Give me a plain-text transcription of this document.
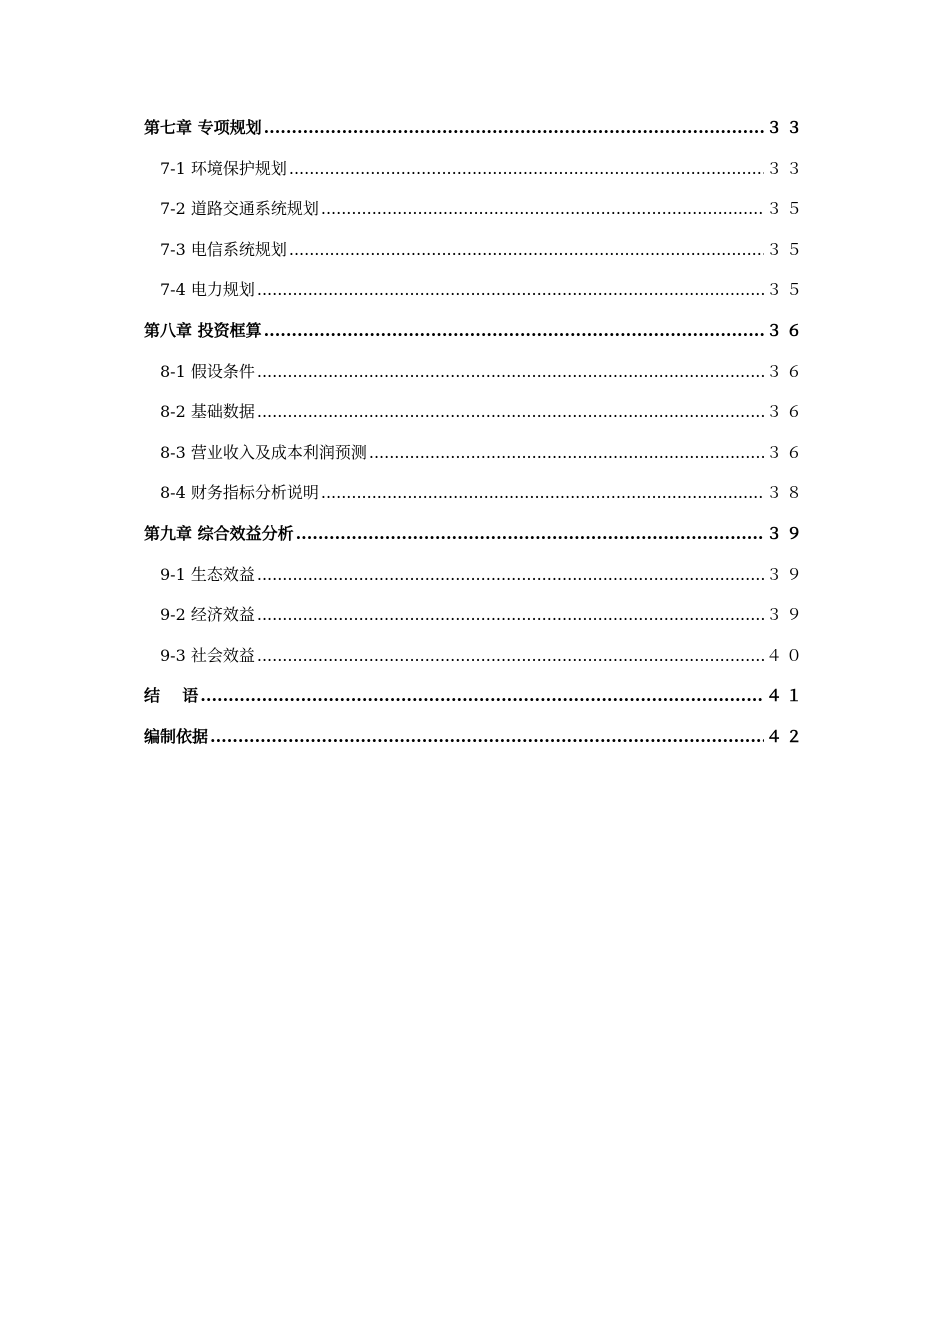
第七章 专项规划 .....	３３
7-1 环境保护规划 .....	３３
7-2 道路交通系统规划 .....	３５
7-3 电信系统规划 .....	３５
7-4 电力规划 .....	３５
第八章 投资框算 .....	３６
8-1 假设条件 .....	３６
8-2 基础数据 .....	３６
8-3 营业收入及成本利润预测 .....	３６
8-4 财务指标分析说明 .....	３８
第九章 综合效益分析 .....	３９
9-1 生态效益 .....	３９
9-2 经济效益 .....	３９
9-3 社会效益 .....	４０
结    语 .....	４１
编制依据 .....	４２
